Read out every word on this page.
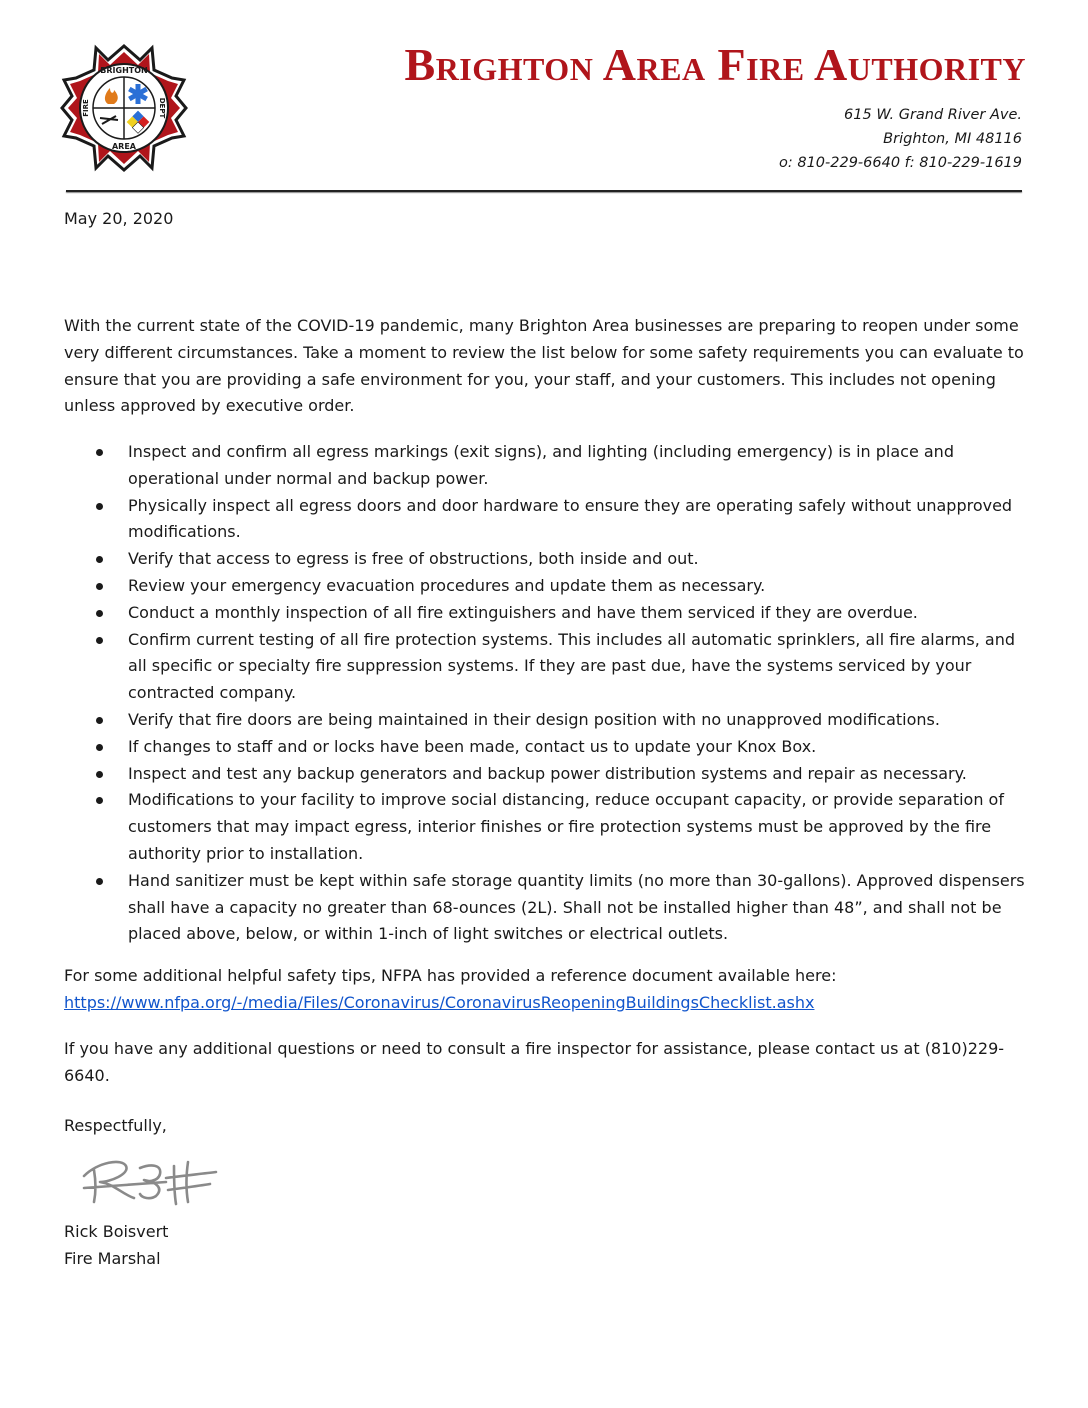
BRIGHTON
AREA
FIRE	DEPT
Brighton Area Fire Authority
615 W. Grand River Ave.
Brighton, MI 48116
o: 810-229-6640 f: 810-229-1619
May 20, 2020

With the current state of the COVID-19 pandemic, many Brighton Area businesses are preparing to reopen under some very different circumstances. Take a moment to review the list below for some safety requirements you can evaluate to ensure that you are providing a safe environment for you, your staff, and your customers. This includes not opening unless approved by executive order.

Inspect and confirm all egress markings (exit signs), and lighting (including emergency) is in place and operational under normal and backup power.
Physically inspect all egress doors and door hardware to ensure they are operating safely without unapproved modifications.
Verify that access to egress is free of obstructions, both inside and out.
Review your emergency evacuation procedures and update them as necessary.
Conduct a monthly inspection of all fire extinguishers and have them serviced if they are overdue.
Confirm current testing of all fire protection systems. This includes all automatic sprinklers, all fire alarms, and all specific or specialty fire suppression systems. If they are past due, have the systems serviced by your contracted company.
Verify that fire doors are being maintained in their design position with no unapproved modifications.
If changes to staff and or locks have been made, contact us to update your Knox Box.
Inspect and test any backup generators and backup power distribution systems and repair as necessary.
Modifications to your facility to improve social distancing, reduce occupant capacity, or provide separation of customers that may impact egress, interior finishes or fire protection systems must be approved by the fire authority prior to installation.
Hand sanitizer must be kept within safe storage quantity limits (no more than 30-gallons). Approved dispensers shall have a capacity no greater than 68-ounces (2L). Shall not be installed higher than 48”, and shall not be placed above, below, or within 1-inch of light switches or electrical outlets.

For some additional helpful safety tips, NFPA has provided a reference document available here:
https://www.nfpa.org/-/media/Files/Coronavirus/CoronavirusReopeningBuildingsChecklist.ashx

If you have any additional questions or need to consult a fire inspector for assistance, please contact us at (810)229-6640.

Respectfully,
Rick Boisvert
Fire Marshal
